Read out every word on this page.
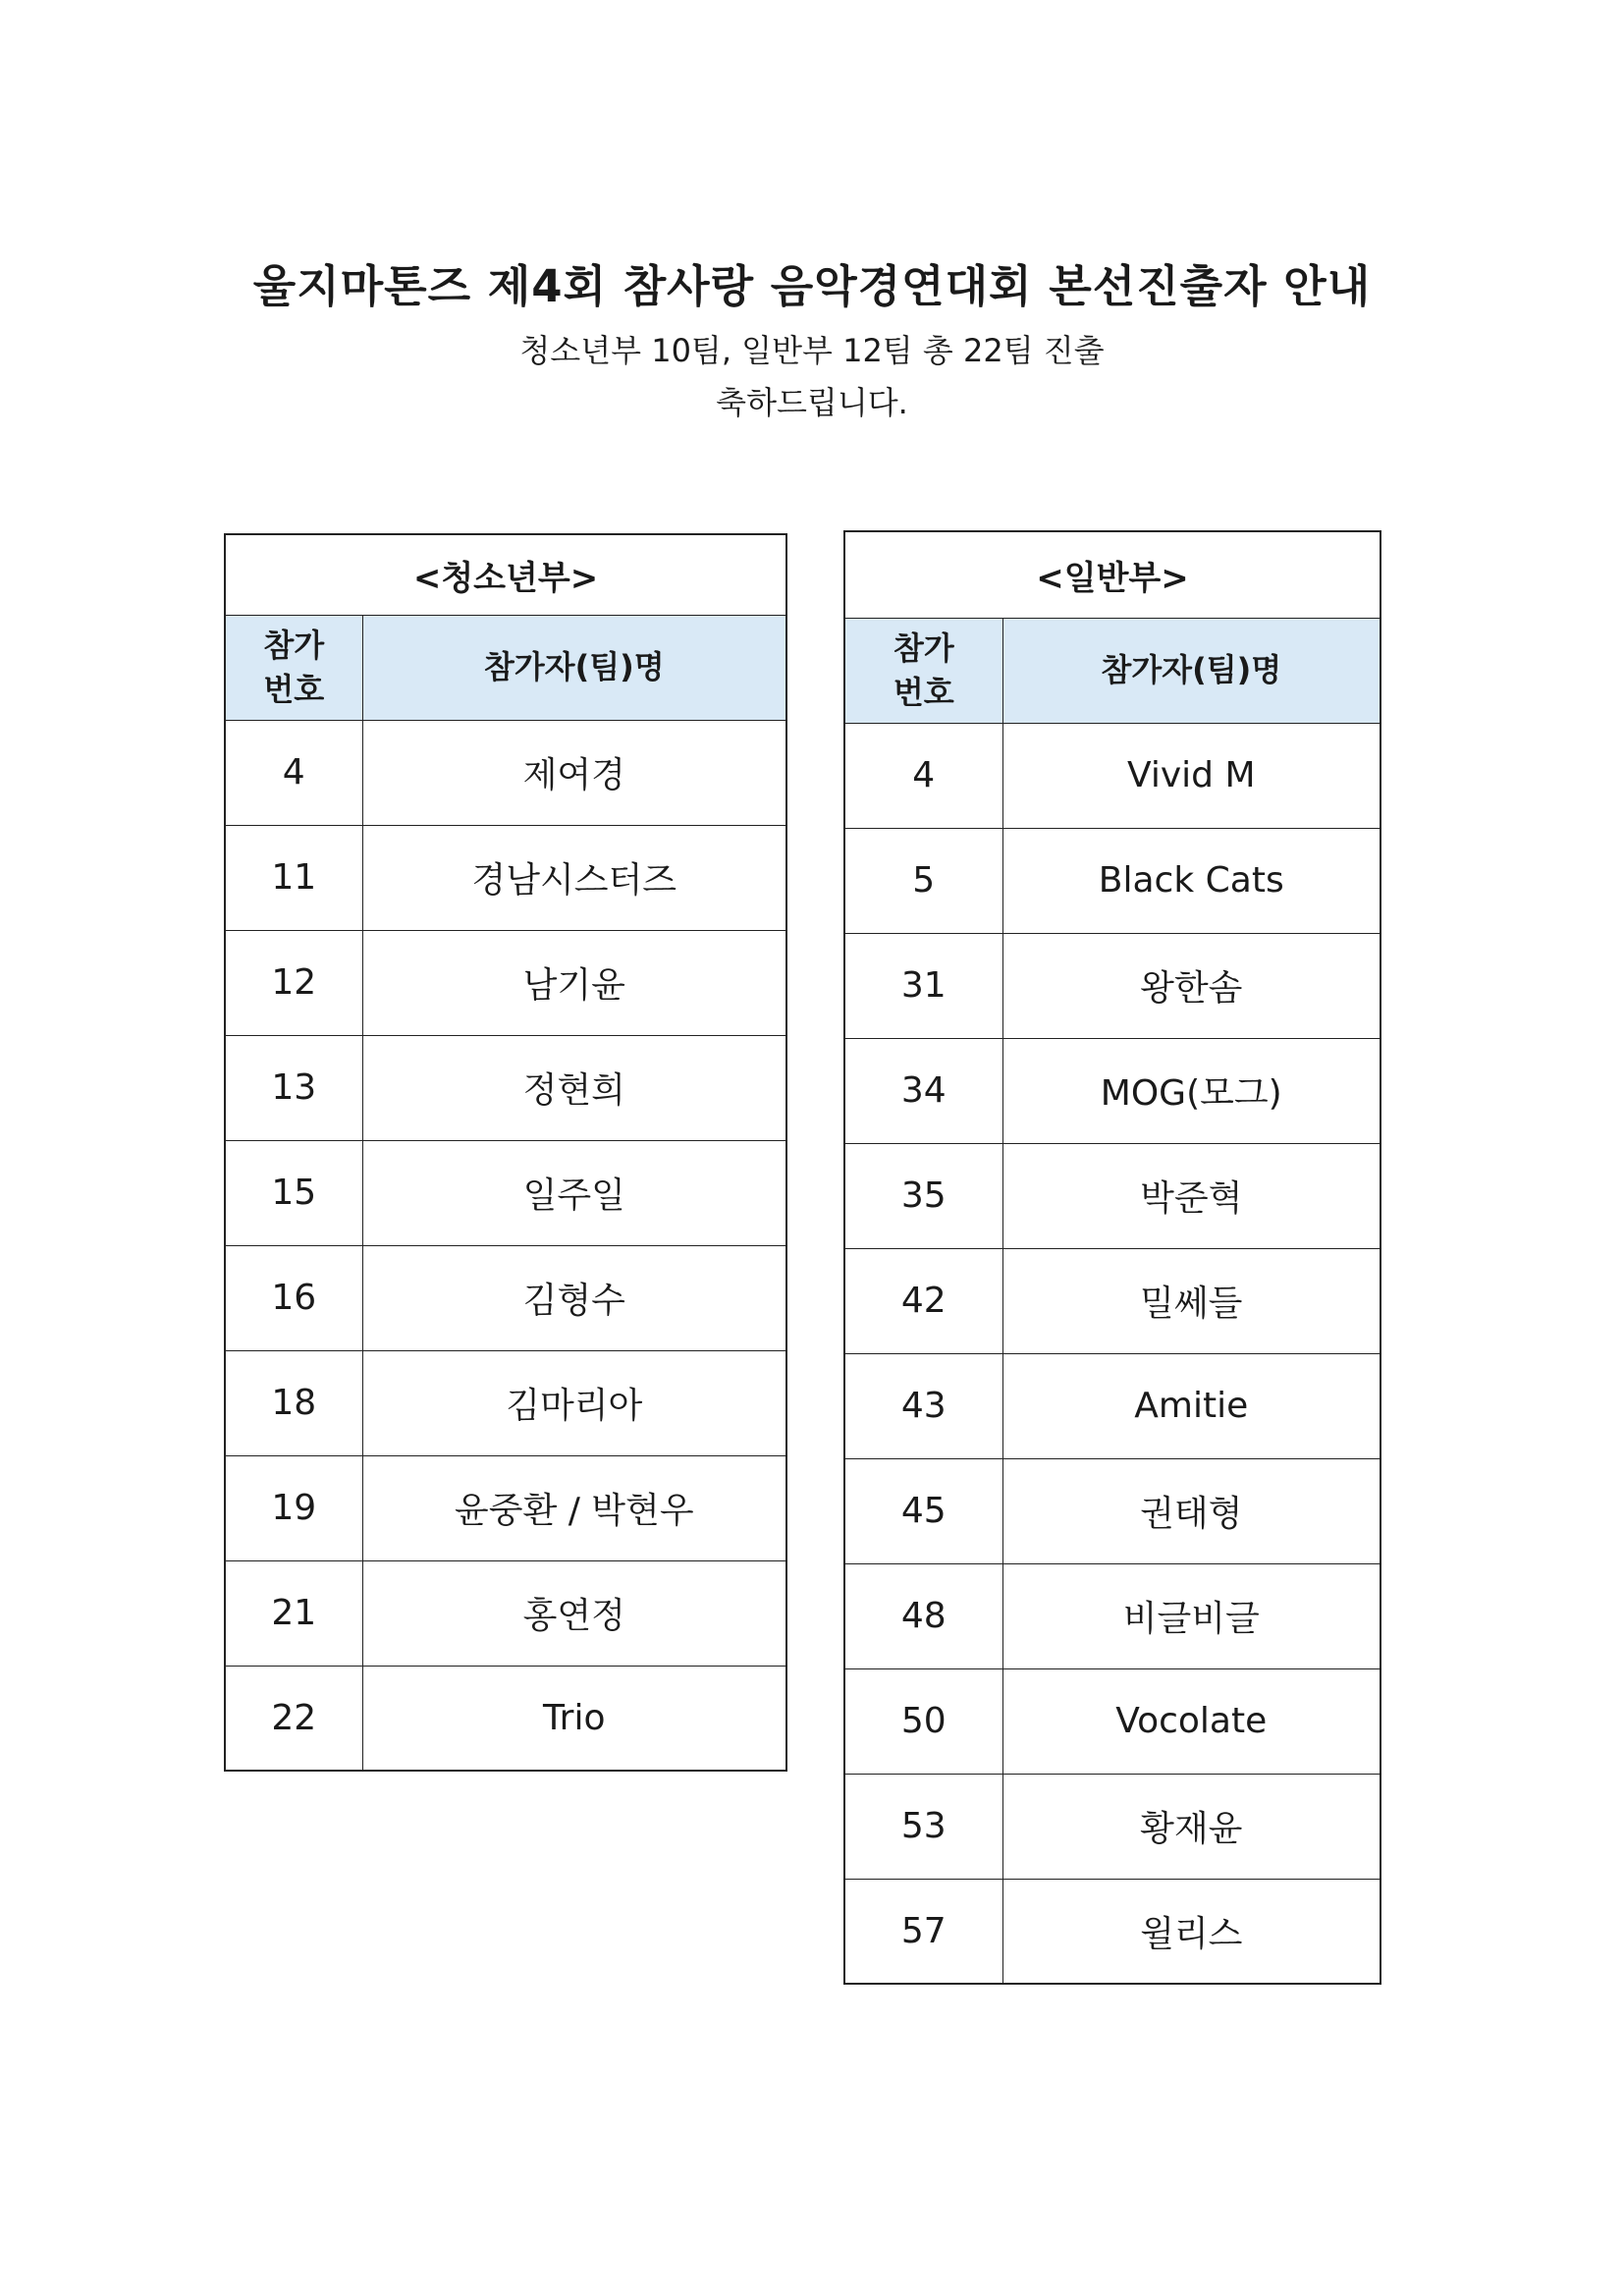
울지마톤즈 제4회 참사랑 음악경연대회 본선진출자 안내
청소년부 10팀, 일반부 12팀 총 22팀 진출
축하드립니다.
<청소년부>	
참가
번호	참가자(팀)명
4	제여경
11	경남시스터즈
12	남기윤
13	정현희
15	일주일
16	김형수
18	김마리아
19	윤중환 / 박현우
21	홍연정
22	Trio
<일반부>	
참가
번호	참가자(팀)명
4	Vivid M
5	Black Cats
31	왕한솜
34	MOG(모그)
35	박준혁
42	밀쎄들
43	Amitie
45	권태형
48	비글비글
50	Vocolate
53	황재윤
57	윌리스
